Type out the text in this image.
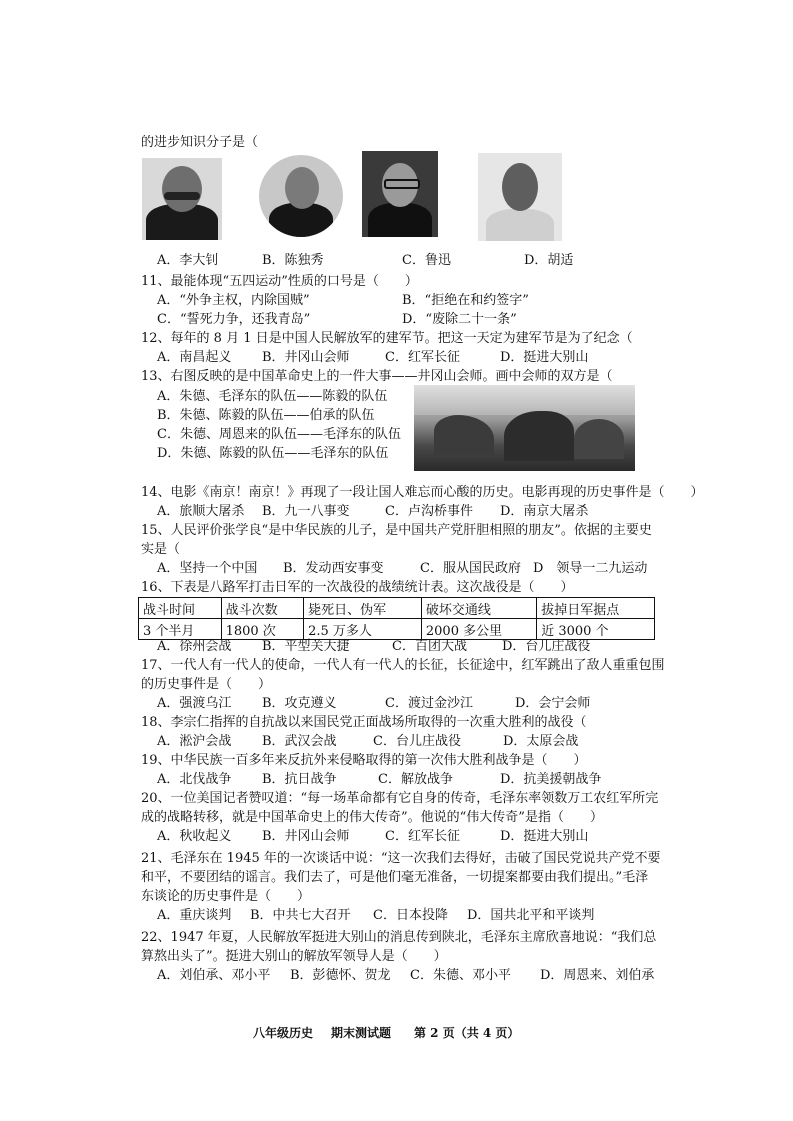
的进步知识分子是（
A．李大钊	B．陈独秀	C．鲁迅	D．胡适
11、最能体现“五四运动”性质的口号是（　　）
A．“外争主权，内除国贼”	B．“拒绝在和约签字”
C．“誓死力争，还我青岛”	D．“废除二十一条”
12、每年的 8 月 1 日是中国人民解放军的建军节。把这一天定为建军节是为了纪念（
A．南昌起义 B．井冈山会师	C．红军长征	D．挺进大别山
13、右图反映的是中国革命史上的一件大事——井冈山会师。画中会师的双方是（
A．朱德、毛泽东的队伍——陈毅的队伍
B．朱德、陈毅的队伍——伯承的队伍
C．朱德、周恩来的队伍——毛泽东的队伍
D．朱德、陈毅的队伍——毛泽东的队伍
14、电影《南京！南京！》再现了一段让国人难忘而心酸的历史。电影再现的历史事件是（　　）
A．旅顺大屠杀 B．九一八事变	C．卢沟桥事件 D．南京大屠杀
15、人民评价张学良“是中华民族的儿子，是中国共产党肝胆相照的朋友”。依据的主要史
实是（
A．坚持一个中国 B．发动西安事变	C．服从国民政府 D　领导一二九运动
16、下表是八路军打击日军的一次战役的战绩统计表。这次战役是（　　）
战斗时间	战斗次数	毙死日、伪军	破坏交通线	拔掉日军据点
3 个半月	1800 次	2.5 万多人	2000 多公里	近 3000 个
A．徐州会战 B．平型关大捷	C．百团大战	D．台儿庄战役
17、一代人有一代人的使命，一代人有一代人的长征，长征途中，红军跳出了敌人重重包围
的历史事件是（　　）
A．强渡乌江 B．攻克遵义	C．渡过金沙江	D．会宁会师
18、李宗仁指挥的自抗战以来国民党正面战场所取得的一次重大胜利的战役（
A．淞沪会战 B．武汉会战	C．台儿庄战役	D．太原会战
19、中华民族一百多年来反抗外来侵略取得的第一次伟大胜利战争是（　　）
A．北伐战争 B．抗日战争	C．解放战争	D．抗美援朝战争
20、一位美国记者赞叹道：“每一场革命都有它自身的传奇，毛泽东率领数万工农红军所完
成的战略转移，就是中国革命史上的伟大传奇”。他说的“伟大传奇”是指（　　）
A．秋收起义 B．井冈山会师	C．红军长征	D．挺进大别山
21、毛泽东在 1945 年的一次谈话中说：“这一次我们去得好，击破了国民党说共产党不要
和平，不要团结的谣言。我们去了，可是他们毫无准备，一切提案都要由我们提出。”毛泽
东谈论的历史事件是（　　）
A．重庆谈判 B．中共七大召开 C．日本投降 D．国共北平和平谈判
22、1947 年夏，人民解放军挺进大别山的消息传到陕北，毛泽东主席欣喜地说：“我们总
算熬出头了”。挺进大别山的解放军领导人是（　　）
A．刘伯承、邓小平 B．彭德怀、贺龙 C．朱德、邓小平 D．周恩来、刘伯承
八年级历史 期末测试题 第 2 页（共 4 页）
